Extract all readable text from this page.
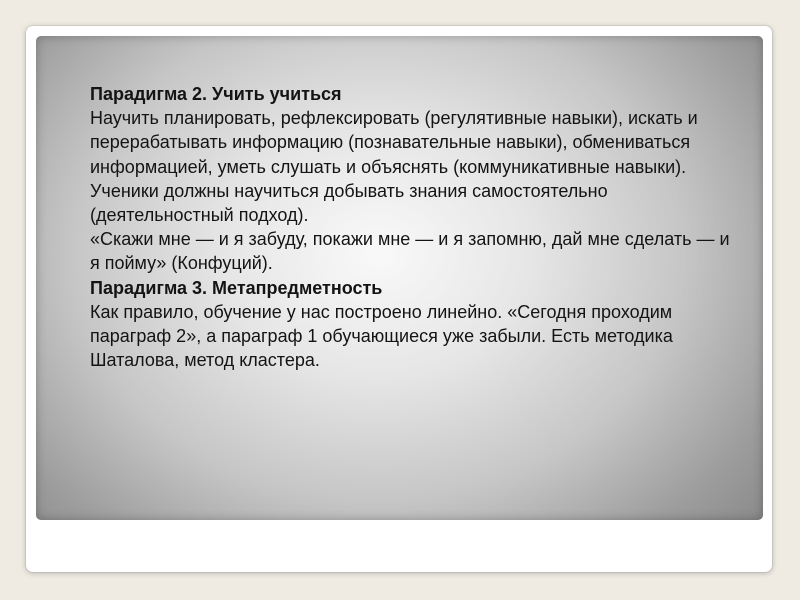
Парадигма 2. Учить учиться

Научить планировать, рефлексировать (регулятивные навыки), искать и перерабатывать информацию (познавательные навыки), обмениваться информацией, уметь слушать и объяснять (коммуникативные навыки).

Ученики должны научиться добывать знания самостоятельно (деятельностный подход).

«Скажи мне — и я забуду, покажи мне — и я запомню, дай мне сделать — и я пойму» (Конфуций).

Парадигма 3. Метапредметность

Как правило, обучение у нас построено линейно. «Сегодня проходим параграф 2», а параграф 1 обучающиеся уже забыли. Есть методика Шаталова, метод кластера.
